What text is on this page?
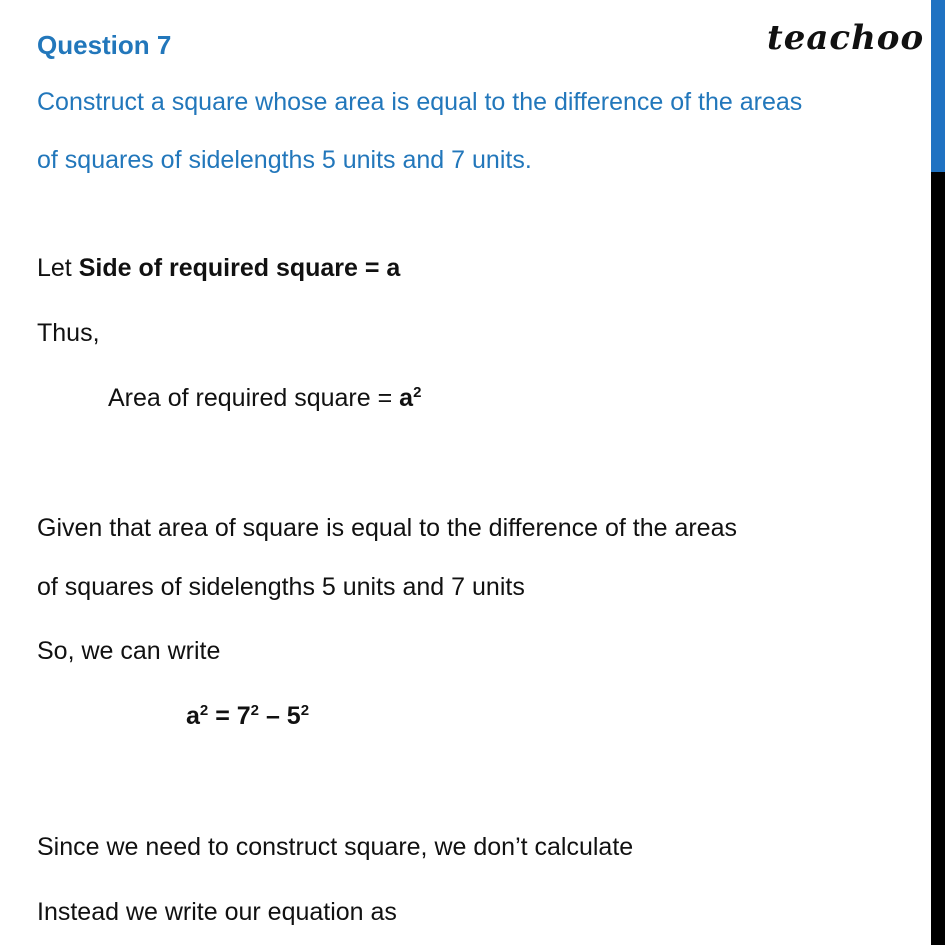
Question 7	teachoo
Construct a square whose area is equal to the difference of the areas
of squares of sidelengths 5 units and 7 units.
Let Side of required square = a
Thus,
Area of required square = $a^2$
Given that area of square is equal to the difference of the areas
of squares of sidelengths 5 units and 7 units
So, we can write
$a^2 = 7^2 - 5^2$
Since we need to construct square, we don’t calculate
Instead we write our equation as
